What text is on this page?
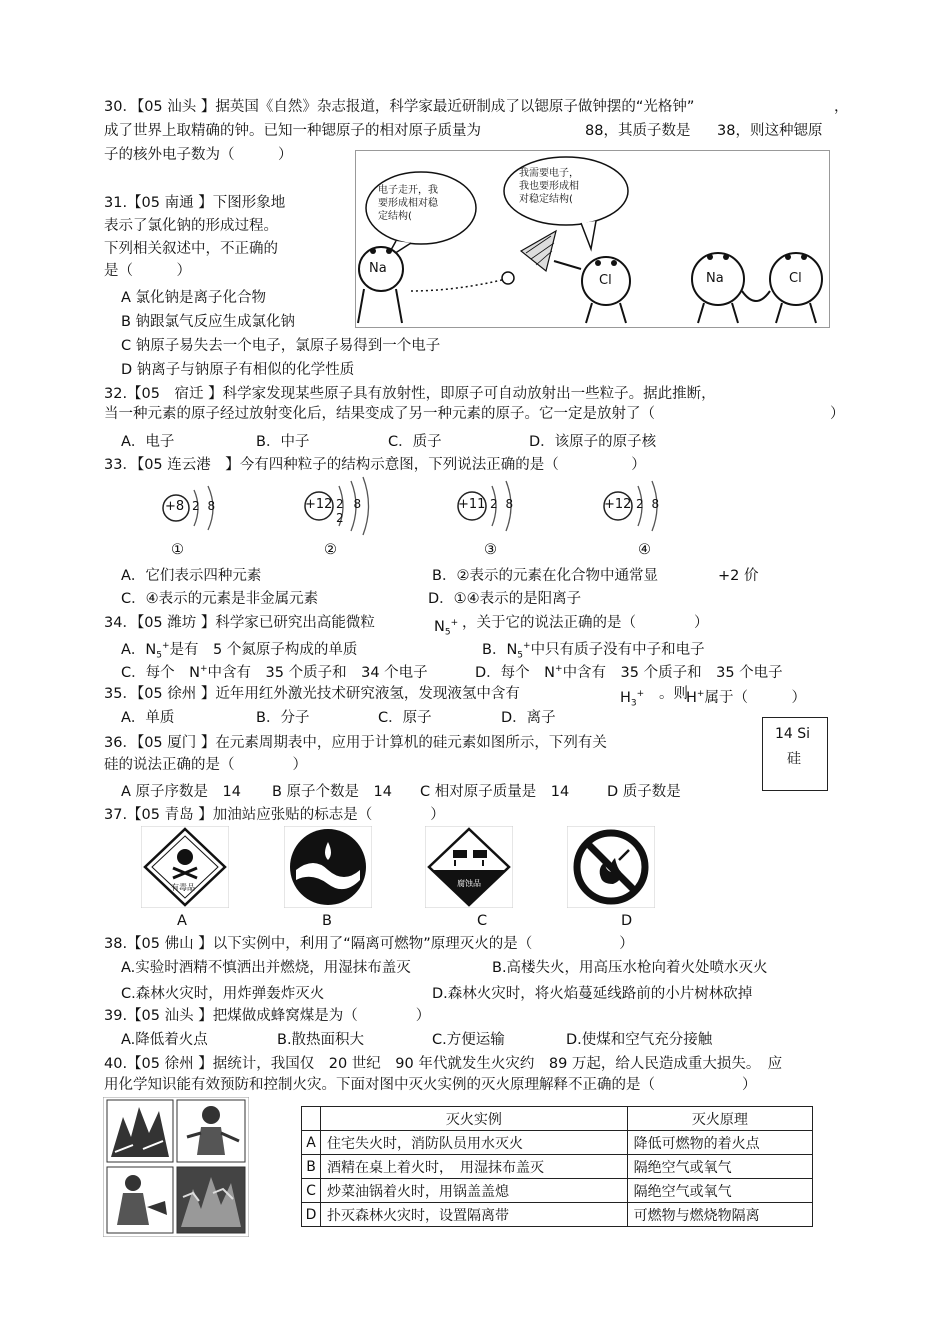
30．【05 汕头 】据英国《自然》杂志报道，科学家最近研制成了以锶原子做钟摆的“光格钟”	，
成了世界上取精确的钟。已知一种锶原子的相对原子质量为	88，其质子数是 38，则这种锶原
子的核外电子数为（　　　）
31.【05 南通 】下图形象地
表示了氯化钠的形成过程。
下列相关叙述中，不正确的
是（　　　）
A 氯化钠是离子化合物
B 钠跟氯气反应生成氯化钠
C 钠原子易失去一个电子，氯原子易得到一个电子
D 钠离子与钠原子有相似的化学性质
电子走开，我
要形成相对稳
定结构(
我需要电子，
我也要形成相
对稳定结构(
Na
Cl	Na	Cl
32.【05　宿迁 】科学家发现某些原子具有放射性，即原子可自动放射出一些粒子。据此推断，
当一种元素的原子经过放射变化后，结果变成了另一种元素的原子。它一定是放射了（	）
A．电子	B．中子	C．质子	D．该原子的原子核
33．【05 连云港　】今有四种粒子的结构示意图，下列说法正确的是（　　　　　）
+8 2 8	+12 2 8 2
+11 2 8	+12 2 8
①	②	③	④
A．它们表示四种元素	B．②表示的元素在化合物中通常显	+2 价
C．④表示的元素是非金属元素	D．①④表示的是阳离子
34．【05 潍坊 】科学家已研究出高能微粒	$N_5^+$ ，关于它的说法正确的是（　　　　）
A．$N_5^+$是有　5 个氮原子构成的单质	B．$N_5^+$中只有质子没有中子和电子
C．每个　N+中含有　35 个质子和　34 个电子	D．每个　N+中含有　35 个质子和　35 个电子
35．【05 徐州 】近年用红外激光技术研究液氢，发现液氢中含有	$H_3^+$ 。则
H+属于（　　　）
A．单质	B．分子	C．原子	D．离子
36．【05 厦门 】在元素周期表中，应用于计算机的硅元素如图所示，下列有关
硅的说法正确的是（　　　　）
14 Si
硅
A 原子序数是　14 B 原子个数是　14 C 相对原子质量是　14	D 质子数是
37.【05 青岛 】加油站应张贴的标志是（　　　　）
有毒品	腐蚀品
A	B	C	D
38.【05 佛山 】以下实例中，利用了“隔离可燃物”原理灭火的是（　　　　　　）
A.实验时酒精不慎洒出并燃烧，用湿抹布盖灭	B.高楼失火，用高压水枪向着火处喷水灭火
C.森林火灾时，用炸弹轰炸灭火	D.森林火灾时，将火焰蔓延线路前的小片树林砍掉
39.【05 汕头 】把煤做成蜂窝煤是为（　　　　）
A.降低着火点	B.散热面积大	C.方便运输	D.使煤和空气充分接触
40.【05 徐州 】据统计，我国仅　20 世纪　90 年代就发生火灾约　89 万起，给人民造成重大损失。　应
用化学知识能有效预防和控制火灾。下面对图中灭火实例的灭火原理解释不正确的是（　　　　　　）
	灭火实例	灭火原理
A	住宅失火时，消防队员用水灭火	降低可燃物的着火点
B	酒精在桌上着火时，　用湿抹布盖灭	隔绝空气或氧气
C	炒菜油锅着火时，用锅盖盖熄	隔绝空气或氧气
D	扑灭森林火灾时，设置隔离带	可燃物与燃烧物隔离
